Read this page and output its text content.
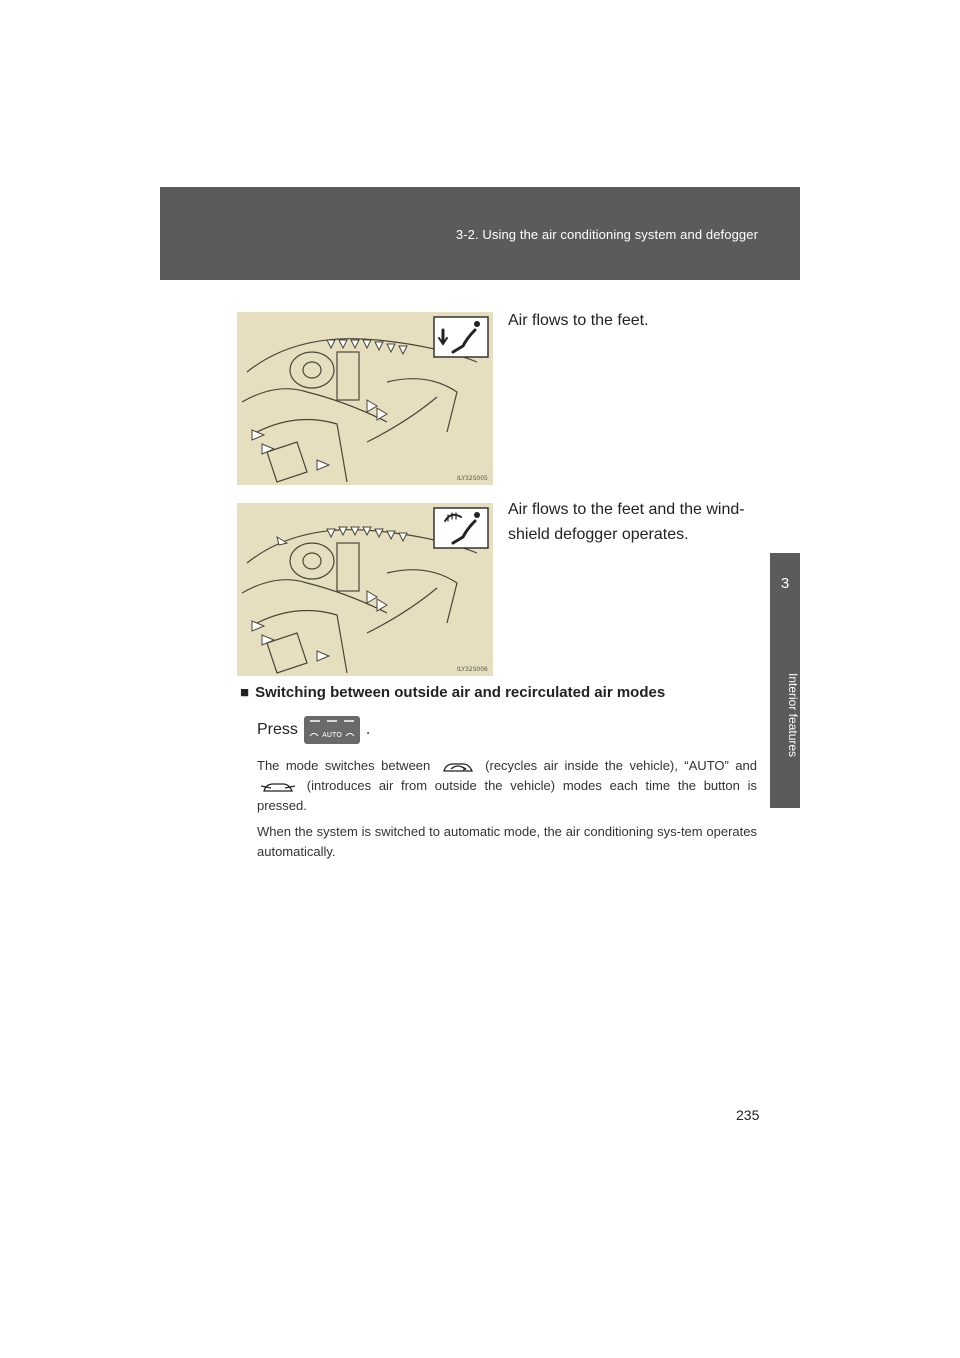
3-2. Using the air conditioning system and defogger
3
Interior features
ILY32S005
Air flows to the feet.
ILY32S006
Air flows to the feet and the wind-shield defogger operates.
■ Switching between outside air and recirculated air modes
Press	AUTO .
The mode switches between	(recycles air inside the vehicle), “AUTO” and  (introduces air from outside the vehicle) modes each time the button is pressed.
When the system is switched to automatic mode, the air conditioning sys-tem operates automatically.
235
